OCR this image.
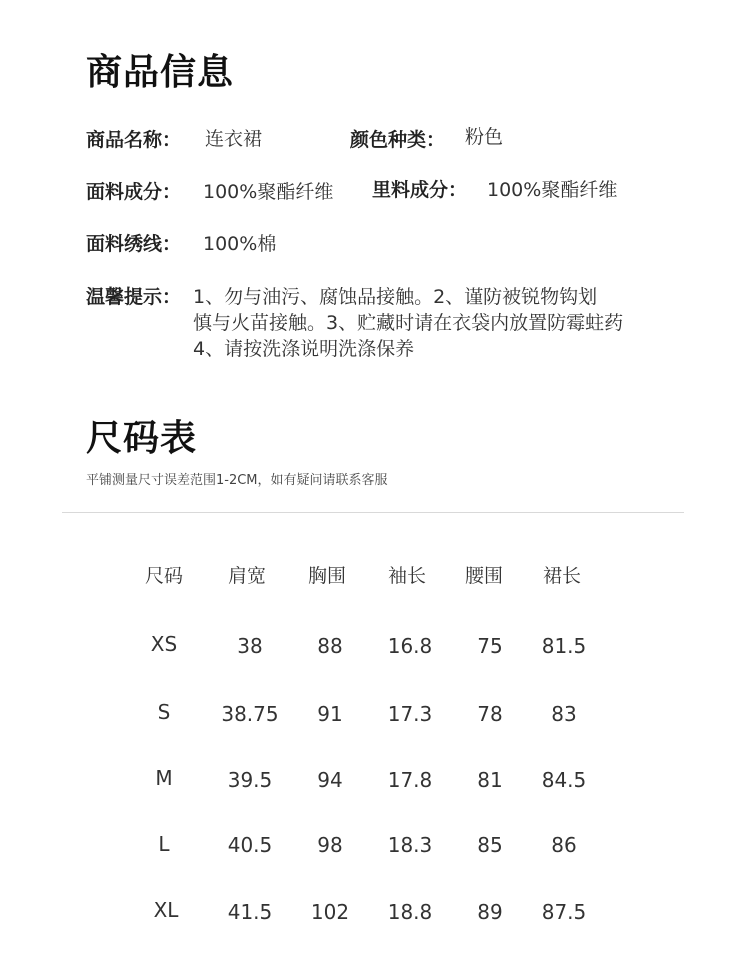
商品信息
商品名称： 连衣裙	颜色种类： 粉色
面料成分： 100%聚酯纤维 里料成分： 100%聚酯纤维
面料绣线： 100%棉
温馨提示： 1、勿与油污、腐蚀品接触。2、谨防被锐物钩划
慎与火苗接触。3、贮藏时请在衣袋内放置防霉蛀药
4、请按洗涤说明洗涤保养
尺码表
平铺测量尺寸误差范围1-2CM，如有疑问请联系客服
尺码	肩宽	胸围	袖长	腰围	裙长
XS	38	88	16.8	75	81.5
S	38.75	91	17.3	78	83
M	39.5	94	17.8	81	84.5
L	40.5	98	18.3	85	86
XL	41.5	102	18.8	89	87.5
